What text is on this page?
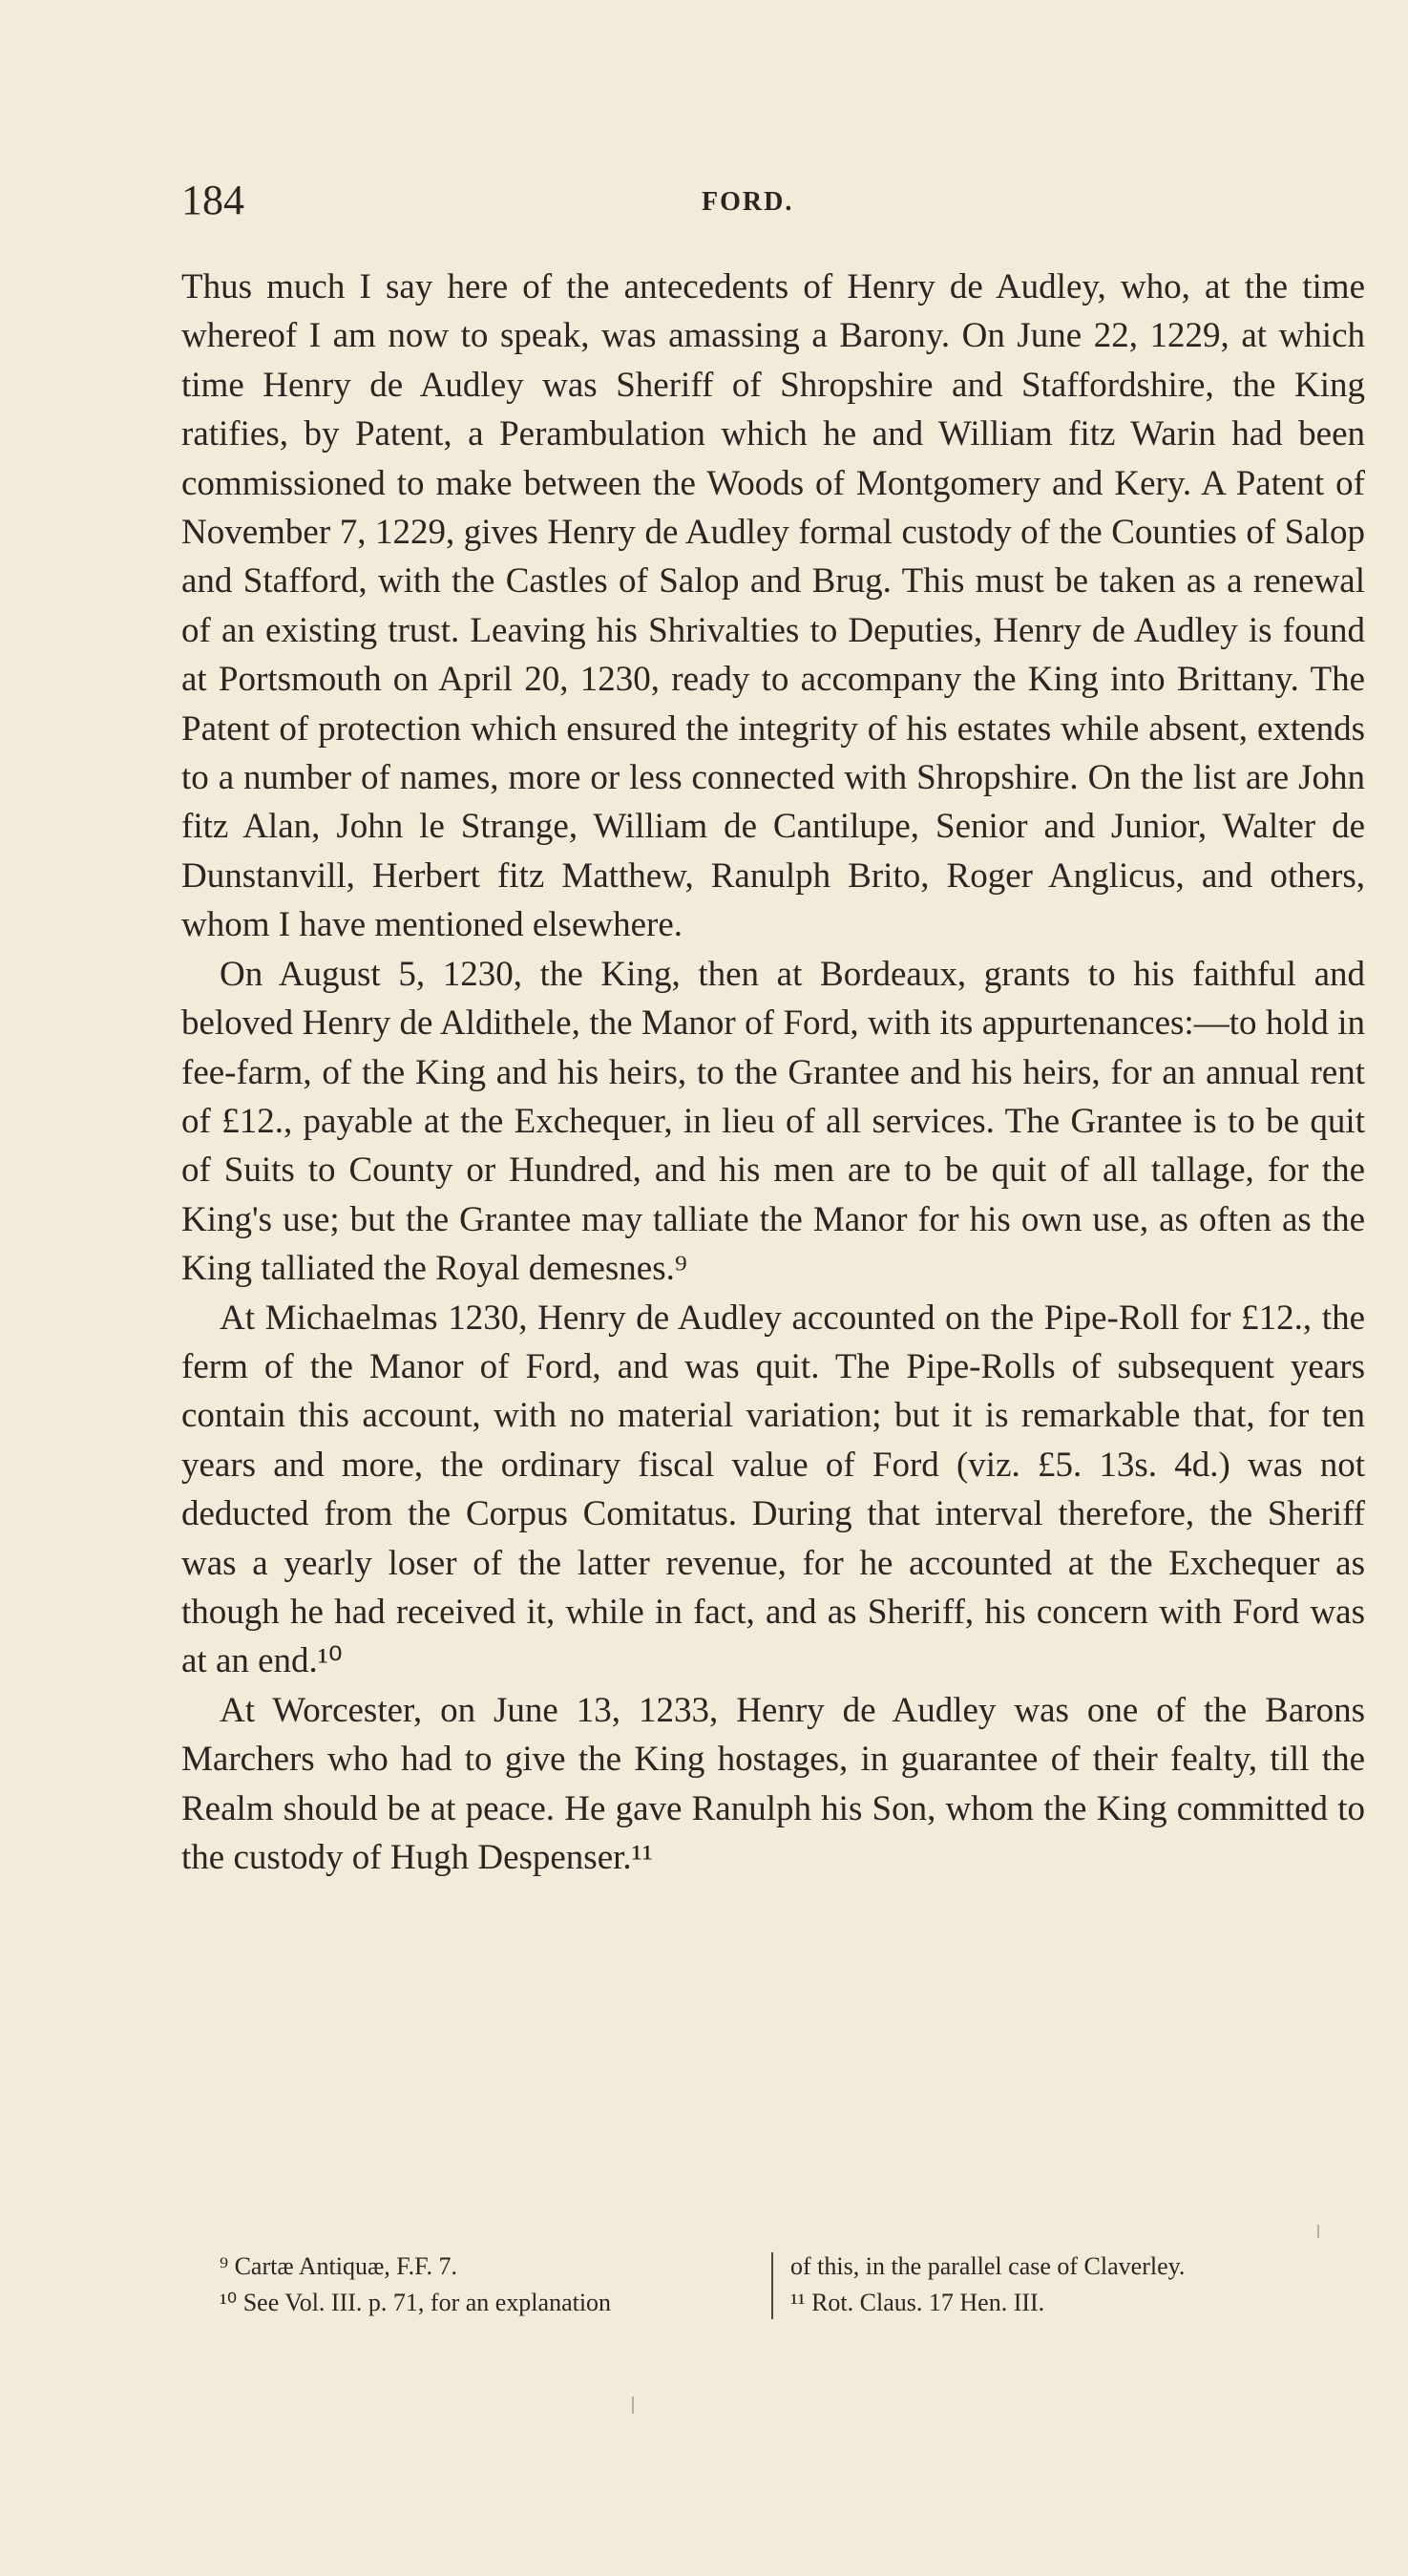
184	FORD.

Thus much I say here of the antecedents of Henry de Audley, who, at the time whereof I am now to speak, was amassing a Barony. On June 22, 1229, at which time Henry de Audley was Sheriff of Shropshire and Staffordshire, the King ratifies, by Patent, a Perambulation which he and William fitz Warin had been commissioned to make between the Woods of Montgomery and Kery. A Patent of November 7, 1229, gives Henry de Audley formal custody of the Counties of Salop and Stafford, with the Castles of Salop and Brug. This must be taken as a renewal of an existing trust. Leaving his Shrivalties to Deputies, Henry de Audley is found at Portsmouth on April 20, 1230, ready to accompany the King into Brittany. The Patent of protection which ensured the integrity of his estates while absent, extends to a number of names, more or less connected with Shropshire. On the list are John fitz Alan, John le Strange, William de Cantilupe, Senior and Junior, Walter de Dunstanvill, Herbert fitz Matthew, Ranulph Brito, Roger Anglicus, and others, whom I have mentioned elsewhere.

On August 5, 1230, the King, then at Bordeaux, grants to his faithful and beloved Henry de Aldithele, the Manor of Ford, with its appurtenances:—to hold in fee-farm, of the King and his heirs, to the Grantee and his heirs, for an annual rent of £12., payable at the Exchequer, in lieu of all services. The Grantee is to be quit of Suits to County or Hundred, and his men are to be quit of all tallage, for the King's use; but the Grantee may talliate the Manor for his own use, as often as the King talliated the Royal demesnes.⁹

At Michaelmas 1230, Henry de Audley accounted on the Pipe-Roll for £12., the ferm of the Manor of Ford, and was quit. The Pipe-Rolls of subsequent years contain this account, with no material variation; but it is remarkable that, for ten years and more, the ordinary fiscal value of Ford (viz. £5. 13s. 4d.) was not deducted from the Corpus Comitatus. During that interval therefore, the Sheriff was a yearly loser of the latter revenue, for he accounted at the Exchequer as though he had received it, while in fact, and as Sheriff, his concern with Ford was at an end.¹⁰

At Worcester, on June 13, 1233, Henry de Audley was one of the Barons Marchers who had to give the King hostages, in guarantee of their fealty, till the Realm should be at peace. He gave Ranulph his Son, whom the King committed to the custody of Hugh Despenser.¹¹

⁹ Cartæ Antiquæ, F.F. 7.
¹⁰ See Vol. III. p. 71, for an explanation
of this, in the parallel case of Claverley.
¹¹ Rot. Claus. 17 Hen. III.
